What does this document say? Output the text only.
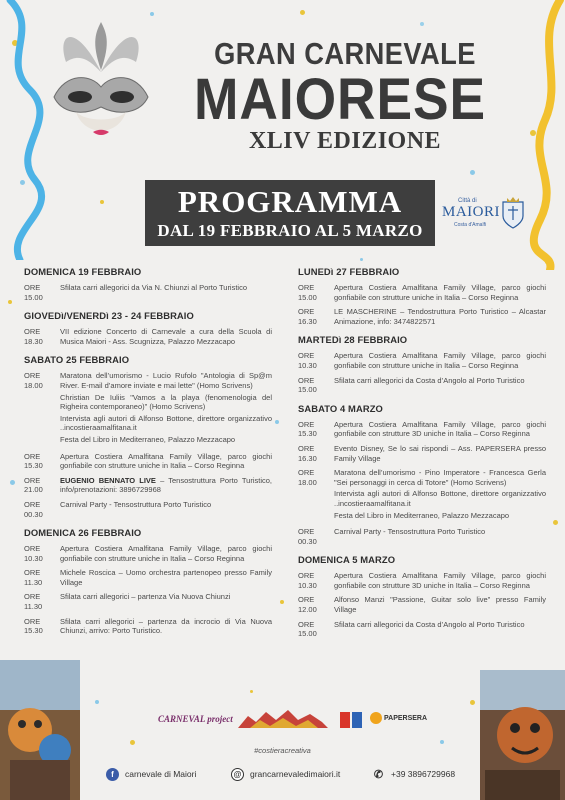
GRAN CARNEVALE
MAIORESE
XLIV EDIZIONE
PROGRAMMA
DAL 19 FEBBRAIO AL 5 MARZO
Città di
MAIORI
Costa d'Amalfi
DOMENICA 19 FEBBRAIO
ORE 15.00
Sfilata carri allegorici da Via N. Chiunzi al Porto Turistico
GIOVEDì/VENERDì 23 - 24 FEBBRAIO
ORE 18.30
VII edizione Concerto di Carnevale a cura della Scuola di Musica Maiori - Ass. Scugnizza, Palazzo Mezzacapo
SABATO 25 FEBBRAIO
ORE 18.00

Maratona dell’umorismo - Lucio Rufolo "Antologia di Sp@m River. E-mail d’amore inviate e mai lette" (Homo Scrivens)

Christian De Iuliis "Vamos a la playa (fenomenologia del Righeira contemporaneo)" (Homo Scrivens)

Intervista agli autori di Alfonso Bottone, direttore organizzativo ..incostieraamalfitana.it

Festa del Libro in Mediterraneo, Palazzo Mezzacapo

ORE 15.30
Apertura Costiera Amalfitana Family Village, parco giochi gonfiabile con strutture uniche in Italia – Corso Reginna
ORE 21.00
EUGENIO BENNATO LIVE – Tensostruttura Porto Turistico, info/prenotazioni: 3896729968
ORE 00.30
Carnival Party - Tensostruttura Porto Turistico
DOMENICA 26 FEBBRAIO
ORE 10.30
Apertura Costiera Amalfitana Family Village, parco giochi gonfiabile con strutture uniche in Italia – Corso Reginna
ORE 11.30
Michele Roscica – Uomo orchestra partenopeo presso Family Village
ORE 11.30
Sfilata carri allegorici – partenza Via Nuova Chiunzi
ORE 15.30
Sfilata carri allegorici – partenza da incrocio di Via Nuova Chiunzi, arrivo: Porto Turistico.
LUNEDì 27 FEBBRAIO
ORE 15.00
Apertura Costiera Amalfitana Family Village, parco giochi gonfiabile con strutture uniche in Italia – Corso Reginna
ORE 16.30
LE MASCHERINE – Tendostruttura Porto Turistico – Alcastar Animazione, info: 3474822571
MARTEDì 28 FEBBRAIO
ORE 10.30
Apertura Costiera Amalfitana Family Village, parco giochi gonfiabile con strutture uniche in Italia – Corso Reginna
ORE 15.00
Sfilata carri allegorici da Costa d’Angolo al Porto Turistico
SABATO 4 MARZO
ORE 15.30
Apertura Costiera Amalfitana Family Village, parco giochi gonfiabile con strutture 3D uniche in Italia – Corso Reginna
ORE 16.30
Evento Disney, Se lo sai rispondi – Ass. PAPERSERA presso Family Village
ORE 18.00

Maratona dell’umorismo - Pino Imperatore - Francesca Gerla "Sei personaggi in cerca di Totore" (Homo Scrivens)

Intervista agli autori di Alfonso Bottone, direttore organizzativo ..incostieraamalfitana.it

Festa del Libro in Mediterraneo, Palazzo Mezzacapo

ORE 00.30
Carnival Party - Tensostruttura Porto Turistico
DOMENICA 5 MARZO
ORE 10.30
Apertura Costiera Amalfitana Family Village, parco giochi gonfiabile con strutture 3D uniche in Italia – Corso Reginna
ORE 12.00
Alfonso Manzi "Passione, Guitar solo live" presso Family Village
ORE 15.00
Sfilata carri allegorici da Costa d’Angolo al Porto Turistico
CARNEVAL project	PAPERSERA
#costieracreativa
f	carnevale di Maiori	@	grancarnevaledimaiori.it	✆ +39 3896729968
